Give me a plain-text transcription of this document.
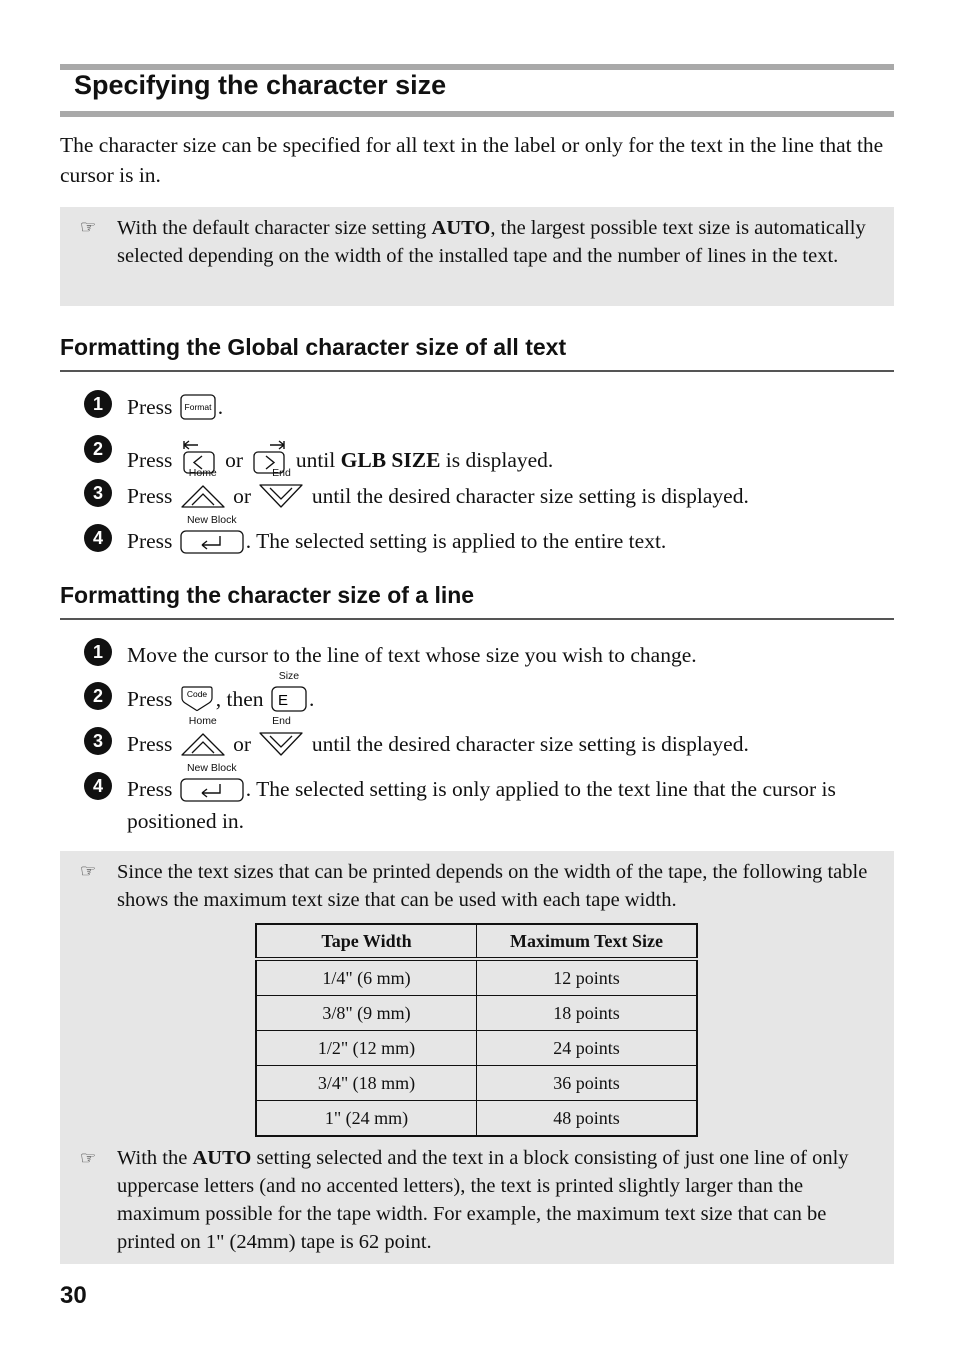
Specifying the character size

The character size can be specified for all text in the label or only for the text in the line that the cursor is in.

☞ With the default character size setting AUTO, the largest possible text size is automatically selected depending on the width of the installed tape and the number of lines in the text.
Formatting the Global character size of all text
1	Press Format .
2	Press or until GLB SIZE is displayed.
3	Press
Home
or
End
until the desired character size setting is displayed.
4	Press
New Block
. The selected setting is applied to the entire text.
Formatting the character size of a line
1	Move the cursor to the line of text whose size you wish to change.
2	Press Code , then
Size
E .
3	Press
Home
or
End
until the desired character size setting is displayed.
4	Press
New Block
. The selected setting is only applied to the text line that the cursor is positioned in.
☞ Since the text sizes that can be printed depends on the width of the tape, the following table shows the maximum text size that can be used with each tape width.
☞ With the AUTO setting selected and the text in a block consisting of just one line of only uppercase letters (and no accented letters), the text is printed slightly larger than the maximum possible for the tape width. For example, the maximum text size that can be printed on 1" (24mm) tape is 62 point.
Tape Width	Maximum Text Size
1/4" (6 mm)	12 points
3/8" (9 mm)	18 points
1/2" (12 mm)	24 points
3/4" (18 mm)	36 points
1" (24 mm)	48 points
30
